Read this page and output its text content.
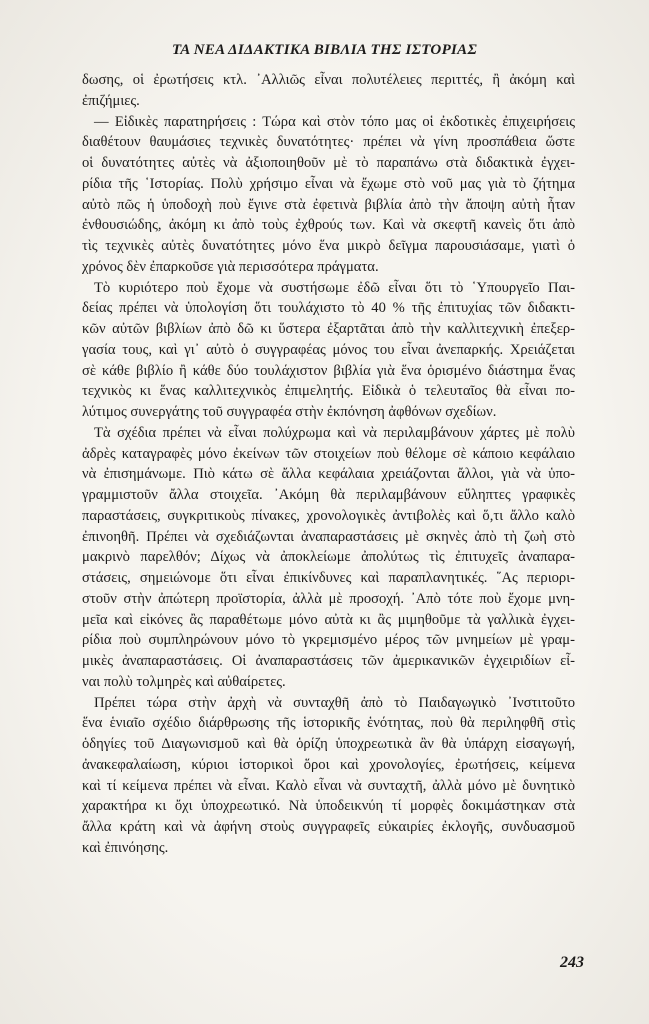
ΤΑ ΝΕΑ ΔΙΔΑΚΤΙΚΑ ΒΙΒΛΙΑ ΤΗΣ ΙΣΤΟΡΙΑΣ
δωσης, οἱ ἐρωτήσεις κτλ. ᾿Αλλιῶς εἶναι πολυτέλειες περιττές, ἢ ἀκόμη καὶ
ἐπιζήμιες.
— Εἰδικὲς παρατηρήσεις : Τώρα καὶ στὸν τόπο μας οἱ ἐκδοτικὲς ἐπιχειρήσεις
διαθέτουν θαυμάσιες τεχνικὲς δυνατότητες· πρέπει νὰ γίνη προσπάθεια ὥστε
οἱ δυνατότητες αὐτὲς νὰ ἀξιοποιηθοῦν μὲ τὸ παραπάνω στὰ διδακτικὰ ἐγχει-
ρίδια τῆς ῾Ιστορίας. Πολὺ χρήσιμο εἶναι νὰ ἔχωμε στὸ νοῦ μας γιὰ τὸ ζήτημα
αὐτὸ πῶς ἡ ὑποδοχὴ ποὺ ἔγινε στὰ ἐφετινὰ βιβλία ἀπὸ τὴν ἄποψη αὐτὴ ἦταν
ἐνθουσιώδης, ἀκόμη κι ἀπὸ τοὺς ἐχθρούς των. Καὶ νὰ σκεφτῆ κανεὶς ὅτι ἀπὸ
τὶς τεχνικὲς αὐτὲς δυνατότητες μόνο ἕνα μικρὸ δεῖγμα παρουσιάσαμε, γιατὶ ὁ
χρόνος δὲν ἐπαρκοῦσε γιὰ περισσότερα πράγματα.
Τὸ κυριότερο ποὺ ἔχομε νὰ συστήσωμε ἐδῶ εἶναι ὅτι τὸ ῾Υπουργεῖο Παι-
δείας πρέπει νὰ ὑπολογίση ὅτι τουλάχιστο τὸ 40 % τῆς ἐπιτυχίας τῶν διδακτι-
κῶν αὐτῶν βιβλίων ἀπὸ δῶ κι ὕστερα ἐξαρτᾶται ἀπὸ τὴν καλλιτεχνικὴ ἐπεξερ-
γασία τους, καὶ γι᾽ αὐτὸ ὁ συγγραφέας μόνος του εἶναι ἀνεπαρκής. Χρειάζεται
σὲ κάθε βιβλίο ἢ κάθε δύο τουλάχιστον βιβλία γιὰ ἕνα ὁρισμένο διάστημα ἕνας
τεχνικὸς κι ἕνας καλλιτεχνικὸς ἐπιμελητής. Εἰδικὰ ὁ τελευταῖος θὰ εἶναι πο-
λύτιμος συνεργάτης τοῦ συγγραφέα στὴν ἐκπόνηση ἀφθόνων σχεδίων.
Τὰ σχέδια πρέπει νὰ εἶναι πολύχρωμα καὶ νὰ περιλαμβάνουν χάρτες μὲ πολὺ
ἀδρὲς καταγραφὲς μόνο ἐκείνων τῶν στοιχείων ποὺ θέλομε σὲ κάποιο κεφάλαιο
νὰ ἐπισημάνωμε. Πιὸ κάτω σὲ ἄλλα κεφάλαια χρειάζονται ἄλλοι, γιὰ νὰ ὑπο-
γραμμιστοῦν ἄλλα στοιχεῖα. ᾿Ακόμη θὰ περιλαμβάνουν εὔληπτες γραφικὲς
παραστάσεις, συγκριτικοὺς πίνακες, χρονολογικὲς ἀντιβολὲς καὶ ὅ,τι ἄλλο καλὸ
ἐπινοηθῆ. Πρέπει νὰ σχεδιάζωνται ἀναπαραστάσεις μὲ σκηνὲς ἀπὸ τὴ ζωὴ στὸ
μακρινὸ παρελθόν; Δίχως νὰ ἀποκλείωμε ἀπολύτως τὶς ἐπιτυχεῖς ἀναπαρα-
στάσεις, σημειώνομε ὅτι εἶναι ἐπικίνδυνες καὶ παραπλανητικές. ῞Ας περιορι-
στοῦν στὴν ἀπώτερη προϊστορία, ἀλλὰ μὲ προσοχή. ᾿Απὸ τότε ποὺ ἔχομε μνη-
μεῖα καὶ εἰκόνες ἂς παραθέτωμε μόνο αὐτὰ κι ἂς μιμηθοῦμε τὰ γαλλικὰ ἐγχει-
ρίδια ποὺ συμπληρώνουν μόνο τὸ γκρεμισμένο μέρος τῶν μνημείων μὲ γραμ-
μικὲς ἀναπαραστάσεις. Οἱ ἀναπαραστάσεις τῶν ἀμερικανικῶν ἐγχειριδίων εἶ-
ναι πολὺ τολμηρὲς καὶ αὐθαίρετες.
Πρέπει τώρα στὴν ἀρχὴ νὰ συνταχθῆ ἀπὸ τὸ Παιδαγωγικὸ ᾿Ινστιτοῦτο
ἕνα ἑνιαῖο σχέδιο διάρθρωσης τῆς ἱστορικῆς ἑνότητας, ποὺ θὰ περιληφθῆ στὶς
ὁδηγίες τοῦ Διαγωνισμοῦ καὶ θὰ ὁρίζη ὑποχρεωτικὰ ἂν θὰ ὑπάρχη εἰσαγωγή,
ἀνακεφαλαίωση, κύριοι ἱστορικοὶ ὅροι καὶ χρονολογίες, ἐρωτήσεις, κείμενα
καὶ τί κείμενα πρέπει νὰ εἶναι. Καλὸ εἶναι νὰ συνταχτῆ, ἀλλὰ μόνο μὲ δυνητικὸ
χαρακτήρα κι ὄχι ὑποχρεωτικό. Νὰ ὑποδεικνύη τί μορφὲς δοκιμάστηκαν στὰ
ἄλλα κράτη καὶ νὰ ἀφήνη στοὺς συγγραφεῖς εὐκαιρίες ἐκλογῆς, συνδυασμοῦ
καὶ ἐπινόησης.
243
